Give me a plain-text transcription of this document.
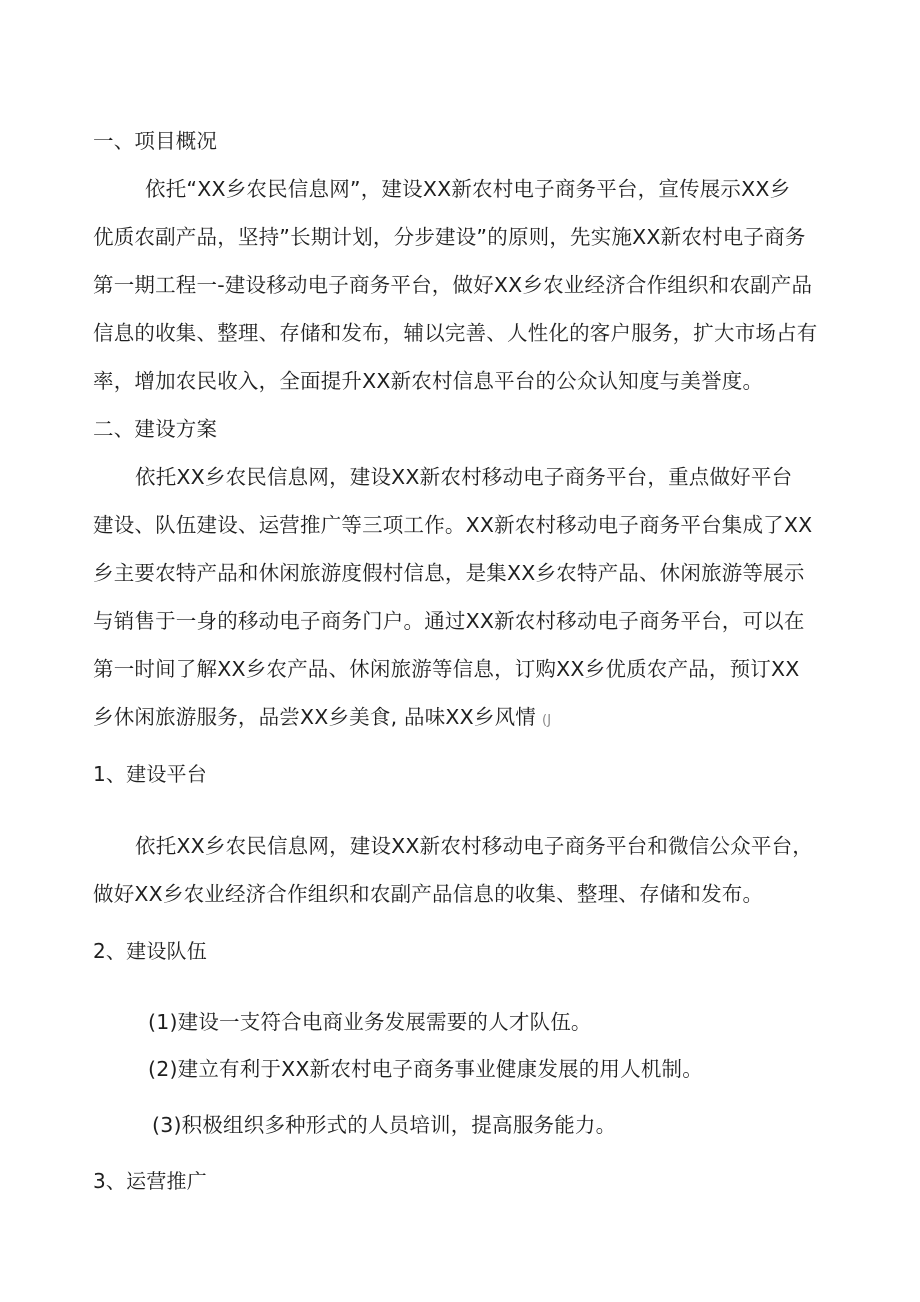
一、项目概况
依托“XX乡农民信息网”，建设XX新农村电子商务平台，宣传展示XX乡
优质农副产品，坚持”长期计划，分步建设”的原则，先实施XX新农村电子商务
第一期工程一-建设移动电子商务平台，做好XX乡农业经济合作组织和农副产品
信息的收集、整理、存储和发布，辅以完善、人性化的客户服务，扩大市场占有
率，增加农民收入，全面提升XX新农村信息平台的公众认知度与美誉度。
二、建设方案
依托XX乡农民信息网，建设XX新农村移动电子商务平台，重点做好平台
建设、队伍建设、运营推广等三项工作。XX新农村移动电子商务平台集成了XX
乡主要农特产品和休闲旅游度假村信息，是集XX乡农特产品、休闲旅游等展示
与销售于一身的移动电子商务门户。通过XX新农村移动电子商务平台，可以在
第一时间了解XX乡农产品、休闲旅游等信息，订购XX乡优质农产品，预订XX
乡休闲旅游服务，品尝XX乡美食, 品味XX乡风情 (J
1、建设平台
依托XX乡农民信息网，建设XX新农村移动电子商务平台和微信公众平台，
做好XX乡农业经济合作组织和农副产品信息的收集、整理、存储和发布。
2、建设队伍
(1)建设一支符合电商业务发展需要的人才队伍。
(2)建立有利于XX新农村电子商务事业健康发展的用人机制。
(3)积极组织多种形式的人员培训，提高服务能力。
3、运营推广
